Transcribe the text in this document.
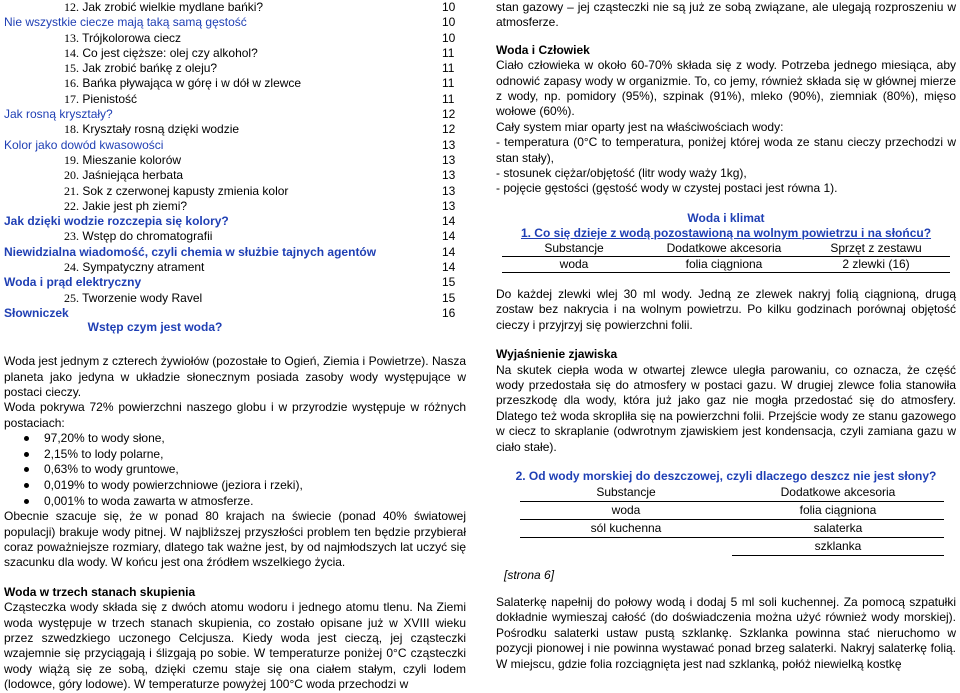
12. Jak zrobić wielkie mydlane bańki?	10
Nie wszystkie ciecze mają taką samą gęstość	10
13. Trójkolorowa ciecz	10
14. Co jest cięższe: olej czy alkohol?	11
15. Jak zrobić bańkę z oleju?	11
16. Bańka pływająca w górę i w dół w zlewce	11
17. Pienistość	11
Jak rosną kryształy?	12
18. Kryształy rosną dzięki wodzie	12
Kolor jako dowód kwasowości	13
19. Mieszanie kolorów	13
20. Jaśniejąca herbata	13
21. Sok z czerwonej kapusty zmienia kolor	13
22. Jakie jest ph ziemi?	13
Jak dzięki wodzie rozczepia się kolory?	14
23. Wstęp do chromatografii	14
Niewidzialna wiadomość, czyli chemia w służbie tajnych agentów	14
24. Sympatyczny atrament	14
Woda i prąd elektryczny	15
25. Tworzenie wody Ravel	15
Słowniczek	16
Wstęp czym jest woda?

Woda jest jednym z czterech żywiołów (pozostałe to Ogień, Ziemia i Powietrze). Nasza planeta jako jedyna w układzie słonecznym posiada zasoby wody występujące w postaci cieczy.

Woda pokrywa 72% powierzchni naszego globu i w przyrodzie występuje w różnych postaciach:

97,20% to wody słone,
2,15% to lody polarne,
0,63% to wody gruntowe,
0,019% to wody powierzchniowe (jeziora i rzeki),
0,001% to woda zawarta w atmosferze.

Obecnie szacuje się, że w ponad 80 krajach na świecie (ponad 40% światowej populacji) brakuje wody pitnej. W najbliższej przyszłości problem ten będzie przybierał coraz poważniejsze rozmiary, dlatego tak ważne jest, by od najmłodszych lat uczyć się szacunku dla wody. W końcu jest ona źródłem wszelkiego życia.

Woda w trzech stanach skupienia

Cząsteczka wody składa się z dwóch atomu wodoru i jednego atomu tlenu. Na Ziemi woda występuje w trzech stanach skupienia, co zostało opisane już w XVIII wieku przez szwedzkiego uczonego Celcjusza. Kiedy woda jest cieczą, jej cząsteczki wzajemnie się przyciągają i ślizgają po sobie. W temperaturze poniżej 0°C cząsteczki wody wiążą się ze sobą, dzięki czemu staje się ona ciałem stałym, czyli lodem (lodowce, góry lodowe). W temperaturze powyżej 100°C woda przechodzi w

stan gazowy – jej cząsteczki nie są już ze sobą związane, ale ulegają rozproszeniu w atmosferze.

Woda i Człowiek

Ciało człowieka w około 60-70% składa się z wody. Potrzeba jednego miesiąca, aby odnowić zapasy wody w organizmie. To, co jemy, również składa się w głównej mierze z wody, np. pomidory (95%), szpinak (91%), mleko (90%), ziemniak (80%), mięso wołowe (60%).

Cały system miar oparty jest na właściwościach wody:

- temperatura (0°C to temperatura, poniżej której woda ze stanu cieczy przechodzi w stan stały),

- stosunek ciężar/objętość (litr wody waży 1kg),

- pojęcie gęstości (gęstość wody w czystej postaci jest równa 1).

Woda i klimat
1. Co się dzieje z wodą pozostawioną na wolnym powietrzu i na słońcu?
Substancje	Dodatkowe akcesoria	Sprzęt z zestawu
woda	folia ciągniona	2 zlewki (16)

Do każdej zlewki wlej 30 ml wody. Jedną ze zlewek nakryj folią ciągnioną, drugą zostaw bez nakrycia i na wolnym powietrzu. Po kilku godzinach porównaj objętość cieczy i przyjrzyj się powierzchni folii.

Wyjaśnienie zjawiska

Na skutek ciepła woda w otwartej zlewce uległa parowaniu, co oznacza, że część wody przedostała się do atmosfery w postaci gazu. W drugiej zlewce folia stanowiła przeszkodę dla wody, która już jako gaz nie mogła przedostać się do atmosfery. Dlatego też woda skropliła się na powierzchni folii. Przejście wody ze stanu gazowego w ciecz to skraplanie (odwrotnym zjawiskiem jest kondensacja, czyli zamiana gazu w ciało stałe).

2. Od wody morskiej do deszczowej, czyli dlaczego deszcz nie jest słony?
Substancje	Dodatkowe akcesoria
woda	folia ciągniona
sól kuchenna	salaterka
	szklanka
[strona 6]

Salaterkę napełnij do połowy wodą i dodaj 5 ml soli kuchennej. Za pomocą szpatułki dokładnie wymieszaj całość (do doświadczenia można użyć również wody morskiej). Pośrodku salaterki ustaw pustą szklankę. Szklanka powinna stać nieruchomo w pozycji pionowej i nie powinna wystawać ponad brzeg salaterki. Nakryj salaterkę folią. W miejscu, gdzie folia rozciągnięta jest nad szklanką, połóż niewielką kostkę
